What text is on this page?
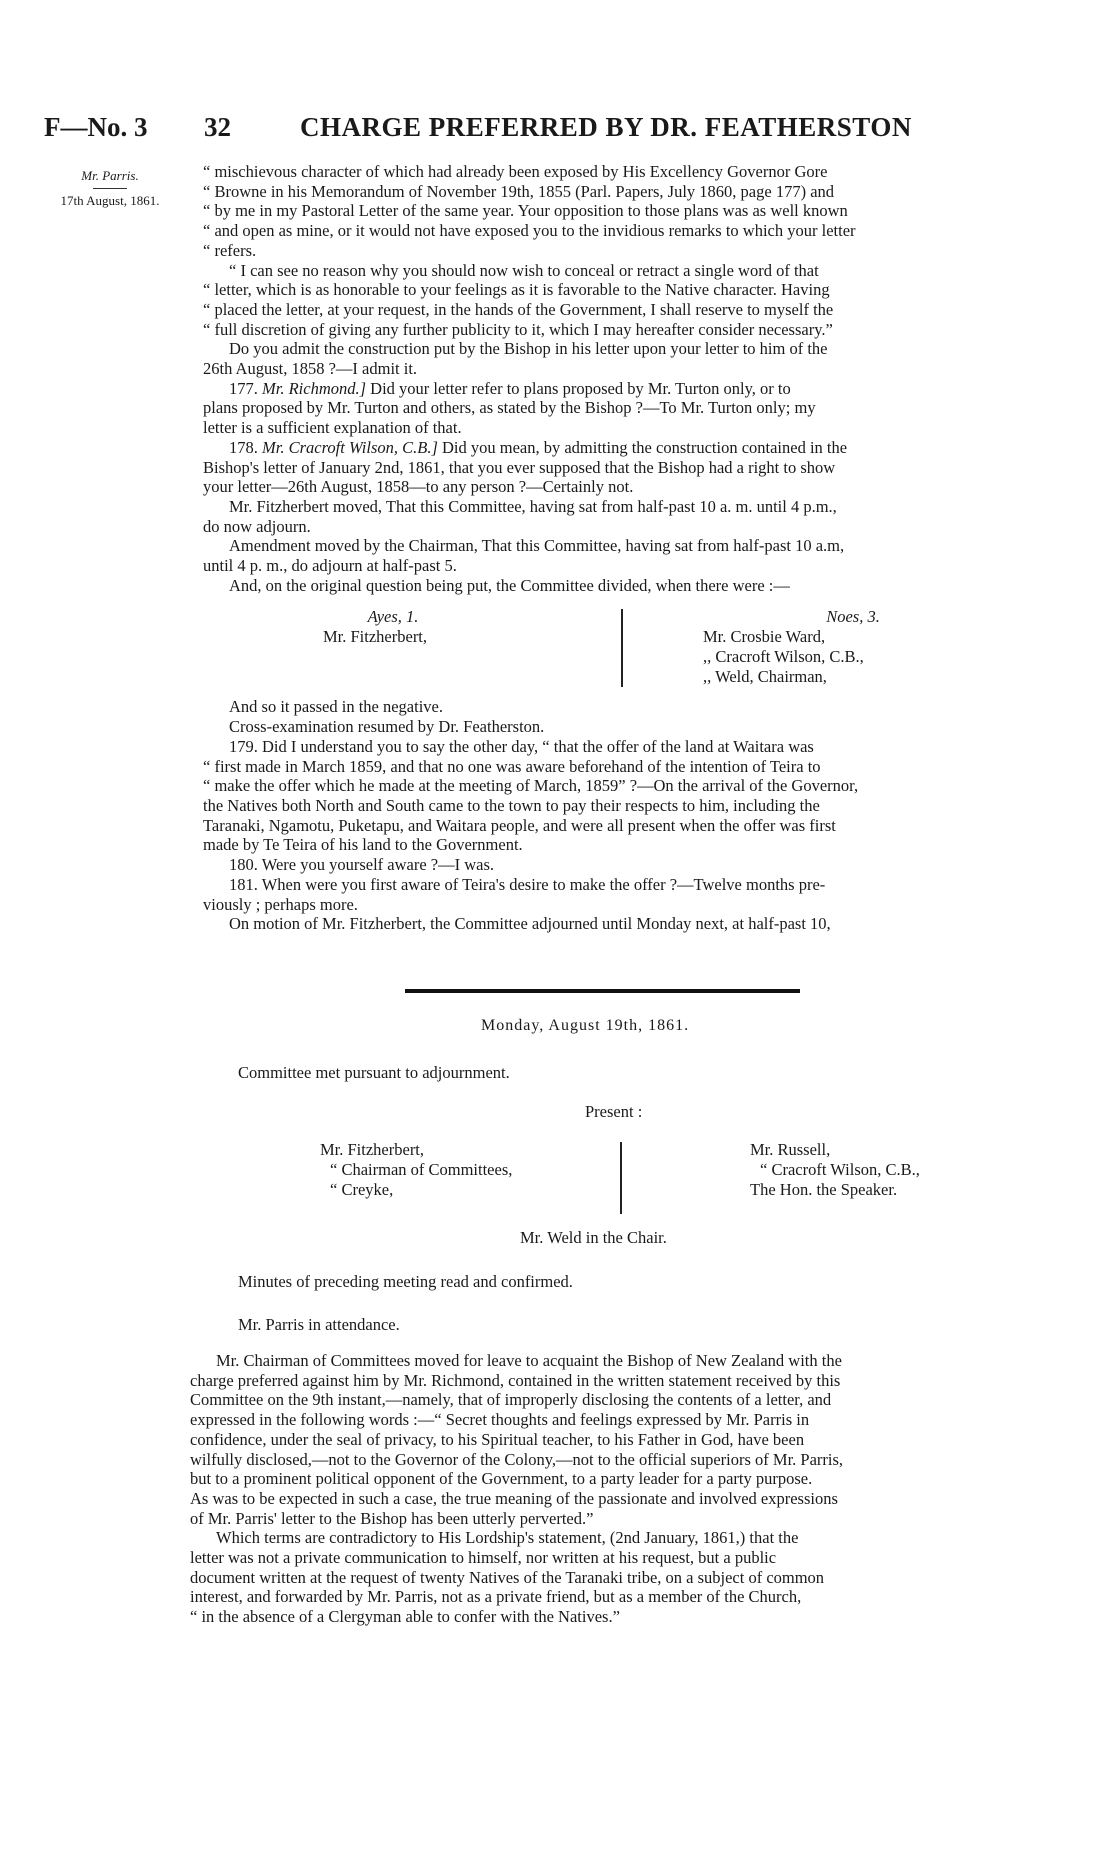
F—No. 3 32	CHARGE PREFERRED BY DR. FEATHERSTON
Mr. Parris.
17th August, 1861.

“ mischievous character of which had already been exposed by His Excellency Governor Gore
“ Browne in his Memorandum of November 19th, 1855 (Parl. Papers, July 1860, page 177) and
“ by me in my Pastoral Letter of the same year. Your opposition to those plans was as well known
“ and open as mine, or it would not have exposed you to the invidious remarks to which your letter
“ refers.

“ I can see no reason why you should now wish to conceal or retract a single word of that
“ letter, which is as honorable to your feelings as it is favorable to the Native character. Having
“ placed the letter, at your request, in the hands of the Government, I shall reserve to myself the
“ full discretion of giving any further publicity to it, which I may hereafter consider necessary.”

Do you admit the construction put by the Bishop in his letter upon your letter to him of the
26th August, 1858 ?—I admit it.

177. Mr. Richmond.] Did your letter refer to plans proposed by Mr. Turton only, or to
plans proposed by Mr. Turton and others, as stated by the Bishop ?—To Mr. Turton only; my
letter is a sufficient explanation of that.

178. Mr. Cracroft Wilson, C.B.] Did you mean, by admitting the construction contained in the
Bishop's letter of January 2nd, 1861, that you ever supposed that the Bishop had a right to show
your letter—26th August, 1858—to any person ?—Certainly not.

Mr. Fitzherbert moved, That this Committee, having sat from half-past 10 a. m. until 4 p.m.,
do now adjourn.

Amendment moved by the Chairman, That this Committee, having sat from half-past 10 a.m,
until 4 p. m., do adjourn at half-past 5.

And, on the original question being put, the Committee divided, when there were :—

Ayes, 1.
Mr. Fitzherbert,
Noes, 3.
Mr. Crosbie Ward,
,, Cracroft Wilson, C.B.,
,, Weld, Chairman,

And so it passed in the negative.

Cross-examination resumed by Dr. Featherston.

179. Did I understand you to say the other day, “ that the offer of the land at Waitara was
“ first made in March 1859, and that no one was aware beforehand of the intention of Teira to
“ make the offer which he made at the meeting of March, 1859” ?—On the arrival of the Governor,
the Natives both North and South came to the town to pay their respects to him, including the
Taranaki, Ngamotu, Puketapu, and Waitara people, and were all present when the offer was first
made by Te Teira of his land to the Government.

180. Were you yourself aware ?—I was.

181. When were you first aware of Teira's desire to make the offer ?—Twelve months pre-
viously ; perhaps more.

On motion of Mr. Fitzherbert, the Committee adjourned until Monday next, at half-past 10,

Monday, August 19th, 1861.
Committee met pursuant to adjournment.
Present :
Mr. Fitzherbert,
“ Chairman of Committees,
“ Creyke,
Mr. Russell,
“ Cracroft Wilson, C.B.,
The Hon. the Speaker.
Mr. Weld in the Chair.
Minutes of preceding meeting read and confirmed.
Mr. Parris in attendance.

Mr. Chairman of Committees moved for leave to acquaint the Bishop of New Zealand with the
charge preferred against him by Mr. Richmond, contained in the written statement received by this
Committee on the 9th instant,—namely, that of improperly disclosing the contents of a letter, and
expressed in the following words :—“ Secret thoughts and feelings expressed by Mr. Parris in
confidence, under the seal of privacy, to his Spiritual teacher, to his Father in God, have been
wilfully disclosed,—not to the Governor of the Colony,—not to the official superiors of Mr. Parris,
but to a prominent political opponent of the Government, to a party leader for a party purpose.
As was to be expected in such a case, the true meaning of the passionate and involved expressions
of Mr. Parris' letter to the Bishop has been utterly perverted.”

Which terms are contradictory to His Lordship's statement, (2nd January, 1861,) that the
letter was not a private communication to himself, nor written at his request, but a public
document written at the request of twenty Natives of the Taranaki tribe, on a subject of common
interest, and forwarded by Mr. Parris, not as a private friend, but as a member of the Church,
“ in the absence of a Clergyman able to confer with the Natives.”
